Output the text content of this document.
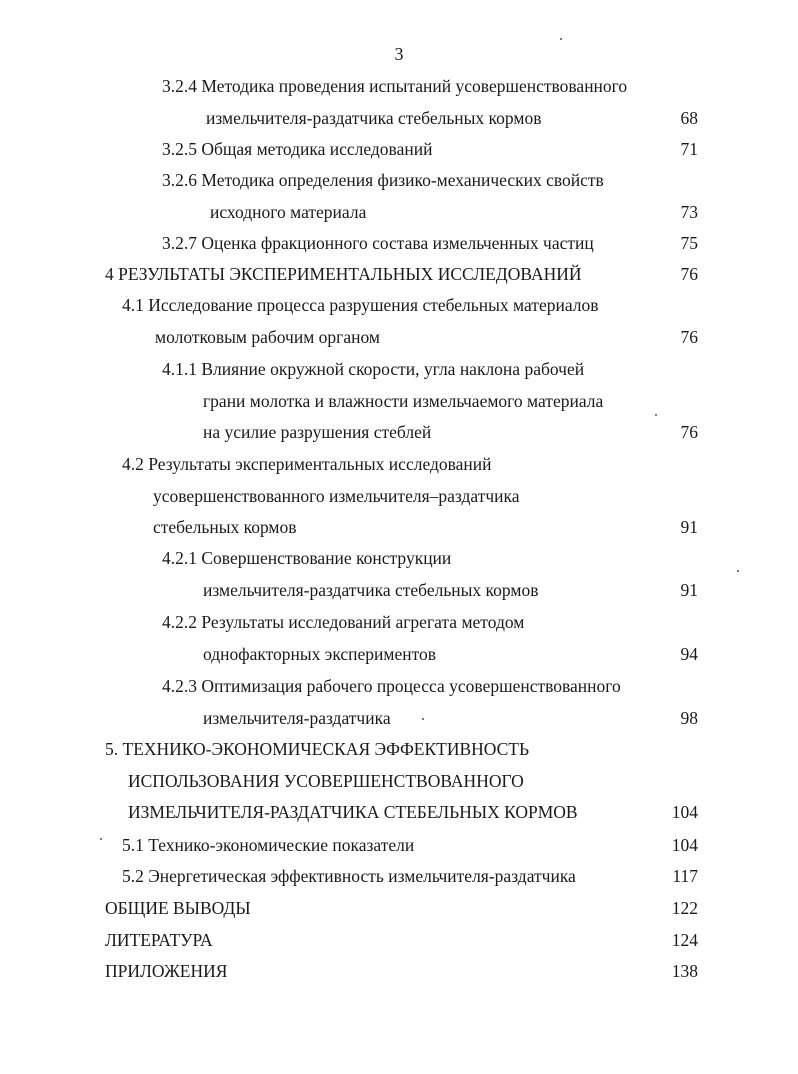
3
3.2.4 Методика проведения испытаний усовершенствованного
измельчителя-раздатчика стебельных кормов	68
3.2.5 Общая методика исследований	71
3.2.6 Методика определения физико-механических свойств
исходного материала	73
3.2.7 Оценка фракционного состава измельченных частиц	75
4 РЕЗУЛЬТАТЫ ЭКСПЕРИМЕНТАЛЬНЫХ ИССЛЕДОВАНИЙ	76
4.1 Исследование процесса разрушения стебельных материалов
молотковым рабочим органом	76
4.1.1 Влияние окружной скорости, угла наклона рабочей
грани молотка и влажности измельчаемого материала
на усилие разрушения стеблей	76
4.2 Результаты экспериментальных исследований
усовершенствованного измельчителя–раздатчика
стебельных кормов	91
4.2.1 Совершенствование конструкции
измельчителя-раздатчика стебельных кормов	91
4.2.2 Результаты исследований агрегата методом
однофакторных экспериментов	94
4.2.3 Оптимизация рабочего процесса усовершенствованного
измельчителя-раздатчика	98
5. ТЕХНИКО-ЭКОНОМИЧЕСКАЯ ЭФФЕКТИВНОСТЬ
ИСПОЛЬЗОВАНИЯ УСОВЕРШЕНСТВОВАННОГО
ИЗМЕЛЬЧИТЕЛЯ-РАЗДАТЧИКА СТЕБЕЛЬНЫХ КОРМОВ	104
5.1 Технико-экономические показатели	104
5.2 Энергетическая эффективность измельчителя-раздатчика	117
ОБЩИЕ ВЫВОДЫ	122
ЛИТЕРАТУРА	124
ПРИЛОЖЕНИЯ	138
